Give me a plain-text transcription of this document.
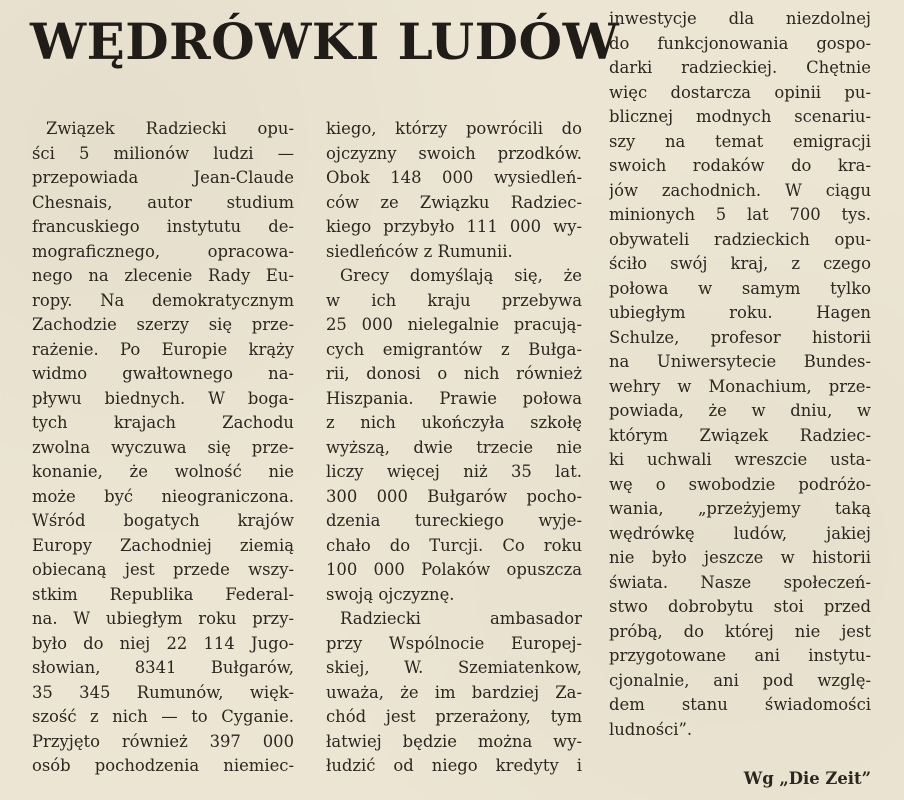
WĘDRÓWKI LUDÓW
Związek Radziecki opu-
ści 5 milionów ludzi —
przepowiada Jean-Claude
Chesnais, autor studium
francuskiego instytutu de-
mograficznego, opracowa-
nego na zlecenie Rady Eu-
ropy. Na demokratycznym
Zachodzie szerzy się prze-
rażenie. Po Europie krąży
widmo gwałtownego na-
pływu biednych. W boga-
tych krajach Zachodu
zwolna wyczuwa się prze-
konanie, że wolność nie
może być nieograniczona.
Wśród bogatych krajów
Europy Zachodniej ziemią
obiecaną jest przede wszy-
stkim Republika Federal-
na. W ubiegłym roku przy-
było do niej 22 114 Jugo-
słowian, 8341 Bułgarów,
35 345 Rumunów, więk-
szość z nich — to Cyganie.
Przyjęto również 397 000
osób pochodzenia niemiec-
kiego, którzy powrócili do
ojczyzny swoich przodków.
Obok 148 000 wysiedleń-
ców ze Związku Radziec-
kiego przybyło 111 000 wy-
siedleńców z Rumunii.
Grecy domyślają się, że
w ich kraju przebywa
25 000 nielegalnie pracują-
cych emigrantów z Bułga-
rii, donosi o nich również
Hiszpania. Prawie połowa
z nich ukończyła szkołę
wyższą, dwie trzecie nie
liczy więcej niż 35 lat.
300 000 Bułgarów pocho-
dzenia tureckiego wyje-
chało do Turcji. Co roku
100 000 Polaków opuszcza
swoją ojczyznę.
Radziecki ambasador
przy Wspólnocie Europej-
skiej, W. Szemiatenkow,
uważa, że im bardziej Za-
chód jest przerażony, tym
łatwiej będzie można wy-
łudzić od niego kredyty i
inwestycje dla niezdolnej
do funkcjonowania gospo-
darki radzieckiej. Chętnie
więc dostarcza opinii pu-
blicznej modnych scenariu-
szy na temat emigracji
swoich rodaków do kra-
jów zachodnich. W ciągu
minionych 5 lat 700 tys.
obywateli radzieckich opu-
ściło swój kraj, z czego
połowa w samym tylko
ubiegłym roku. Hagen
Schulze, profesor historii
na Uniwersytecie Bundes-
wehry w Monachium, prze-
powiada, że w dniu, w
którym Związek Radziec-
ki uchwali wreszcie usta-
wę o swobodzie podróżo-
wania, „przeżyjemy taką
wędrówkę ludów, jakiej
nie było jeszcze w historii
świata. Nasze społeczeń-
stwo dobrobytu stoi przed
próbą, do której nie jest
przygotowane ani instytu-
cjonalnie, ani pod wzglę-
dem stanu świadomości
ludności”.
Wg „Die Zeit”
